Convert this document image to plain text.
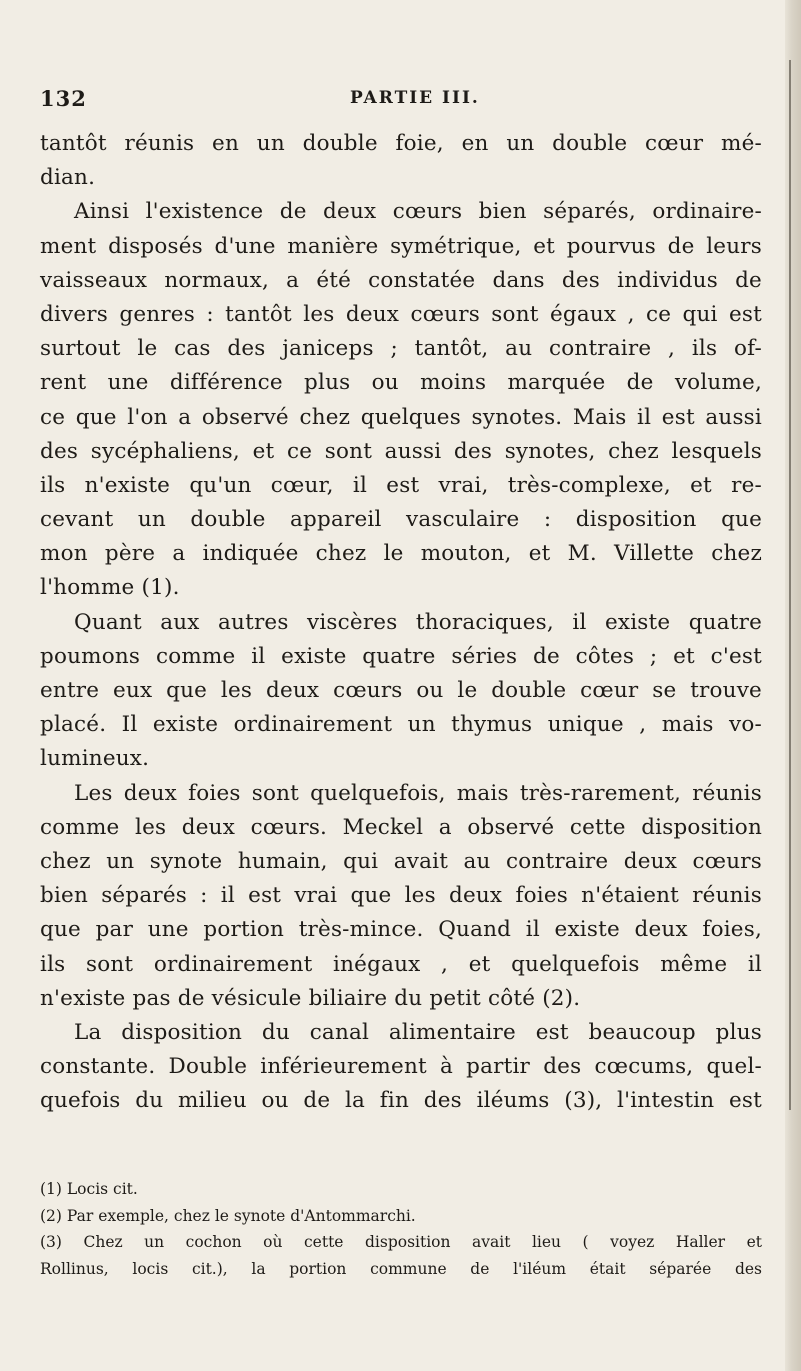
132	PARTIE III.
tantôt réunis en un double foie, en un double cœur mé-
dian.
Ainsi l'existence de deux cœurs bien séparés, ordinaire-
ment disposés d'une manière symétrique, et pourvus de leurs
vaisseaux normaux, a été constatée dans des individus de
divers genres : tantôt les deux cœurs sont égaux , ce qui est
surtout le cas des janiceps ; tantôt, au contraire , ils of-
rent une différence plus ou moins marquée de volume,
ce que l'on a observé chez quelques synotes. Mais il est aussi
des sycéphaliens, et ce sont aussi des synotes, chez lesquels
ils n'existe qu'un cœur, il est vrai, très-complexe, et re-
cevant un double appareil vasculaire : disposition que
mon père a indiquée chez le mouton, et M. Villette chez
l'homme (1).
Quant aux autres viscères thoraciques, il existe quatre
poumons comme il existe quatre séries de côtes ; et c'est
entre eux que les deux cœurs ou le double cœur se trouve
placé. Il existe ordinairement un thymus unique , mais vo-
lumineux.
Les deux foies sont quelquefois, mais très-rarement, réunis
comme les deux cœurs. Meckel a observé cette disposition
chez un synote humain, qui avait au contraire deux cœurs
bien séparés : il est vrai que les deux foies n'étaient réunis
que par une portion très-mince. Quand il existe deux foies,
ils sont ordinairement inégaux , et quelquefois même il
n'existe pas de vésicule biliaire du petit côté (2).
La disposition du canal alimentaire est beaucoup plus
constante. Double inférieurement à partir des cœcums, quel-
quefois du milieu ou de la fin des iléums (3), l'intestin est
(1) Locis cit.
(2) Par exemple, chez le synote d'Antommarchi.
(3) Chez un cochon où cette disposition avait lieu ( voyez Haller et
Rollinus, locis cit.), la portion commune de l'iléum était séparée des
